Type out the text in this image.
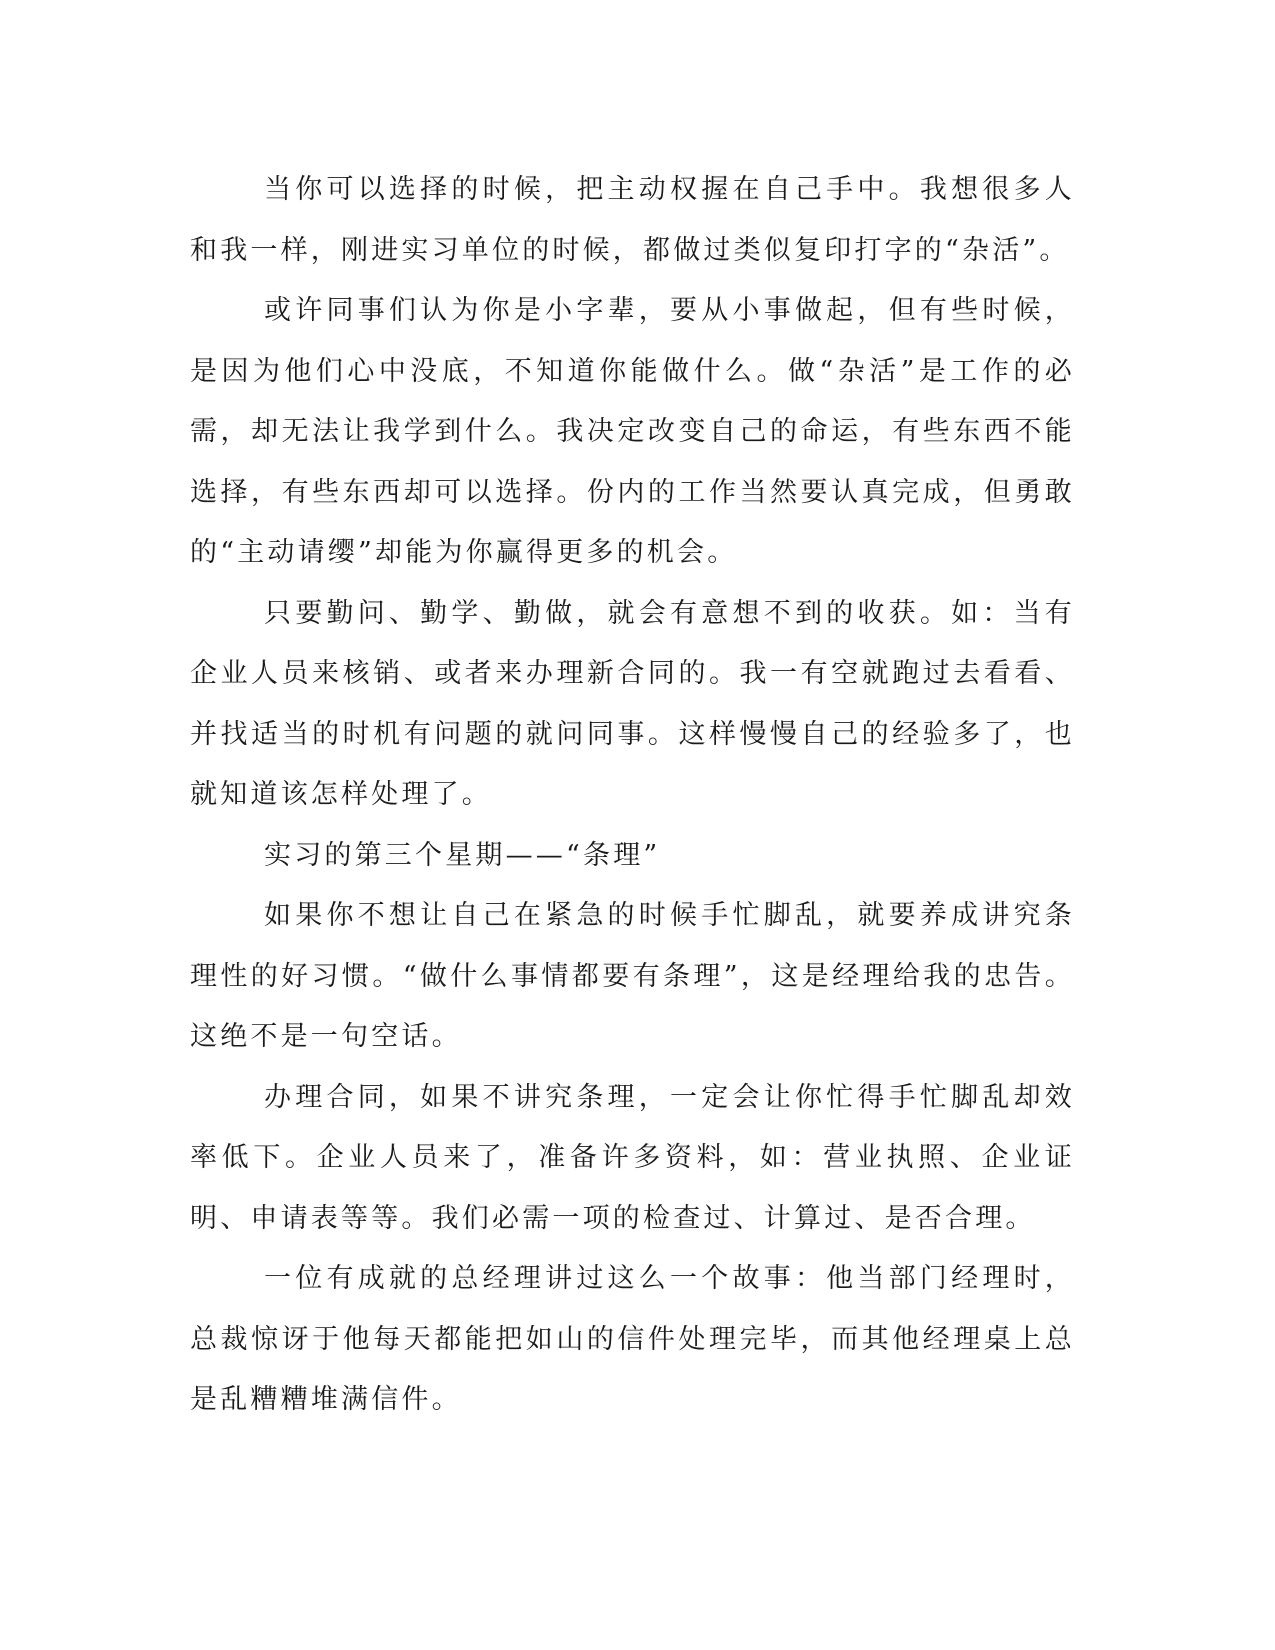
当你可以选择的时候，把主动权握在自己手中。我想很多人和我一样，刚进实习单位的时候，都做过类似复印打字的“杂活”。

或许同事们认为你是小字辈，要从小事做起，但有些时候，是因为他们心中没底，不知道你能做什么。做“杂活”是工作的必需，却无法让我学到什么。我决定改变自己的命运，有些东西不能选择，有些东西却可以选择。份内的工作当然要认真完成，但勇敢的“主动请缨”却能为你赢得更多的机会。

只要勤问、勤学、勤做，就会有意想不到的收获。如：当有企业人员来核销、或者来办理新合同的。我一有空就跑过去看看、并找适当的时机有问题的就问同事。这样慢慢自己的经验多了，也就知道该怎样处理了。

实习的第三个星期——“条理”

如果你不想让自己在紧急的时候手忙脚乱，就要养成讲究条理性的好习惯。“做什么事情都要有条理”，这是经理给我的忠告。这绝不是一句空话。

办理合同，如果不讲究条理，一定会让你忙得手忙脚乱却效率低下。企业人员来了，准备许多资料，如：营业执照、企业证明、申请表等等。我们必需一项的检查过、计算过、是否合理。

一位有成就的总经理讲过这么一个故事：他当部门经理时，总裁惊讶于他每天都能把如山的信件处理完毕，而其他经理桌上总是乱糟糟堆满信件。
